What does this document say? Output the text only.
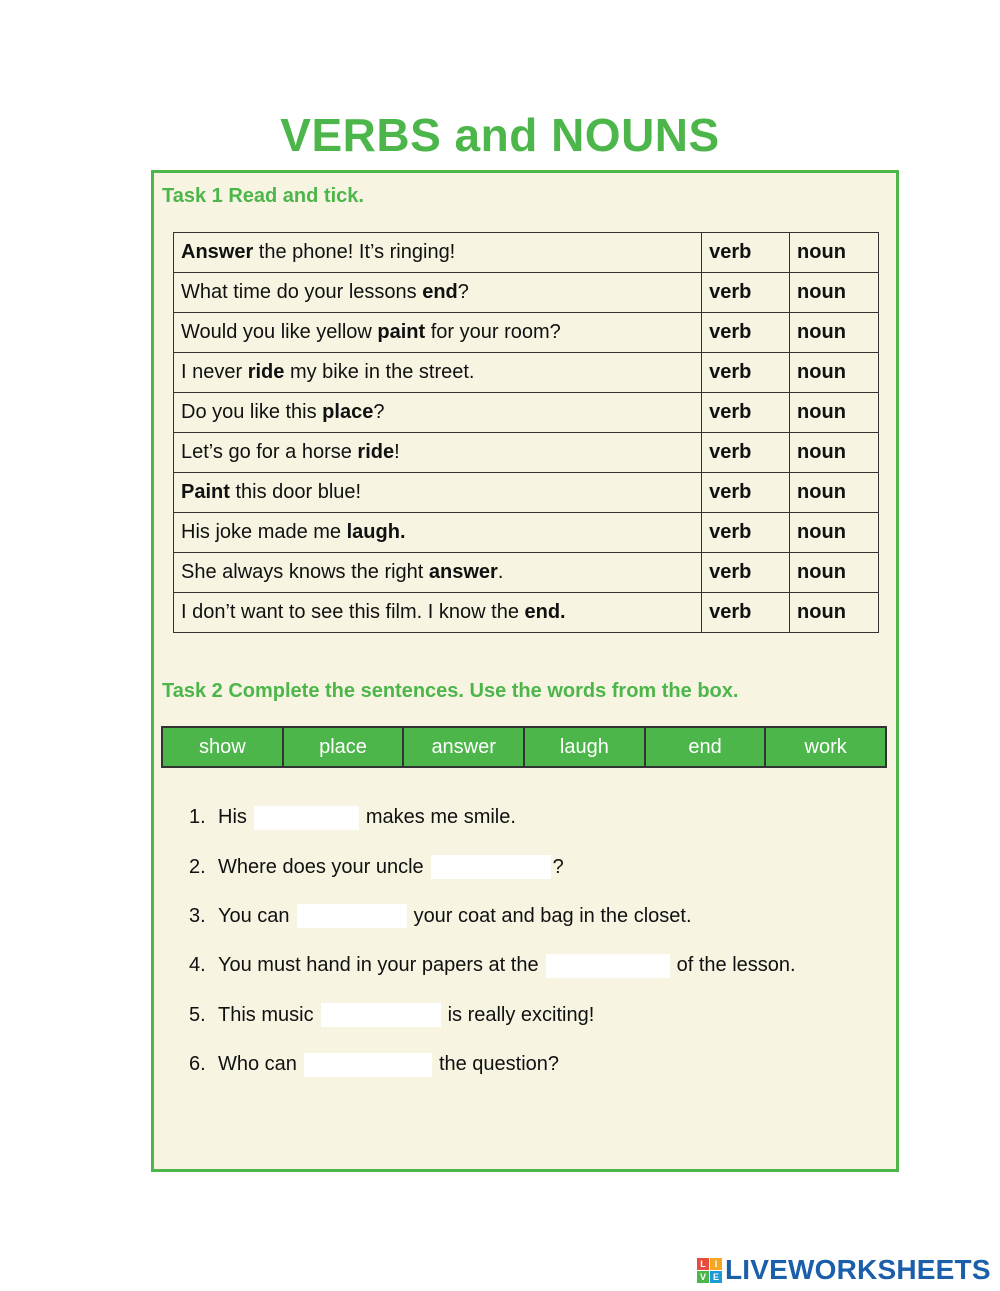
VERBS and NOUNS
Task 1 Read and tick.
Answer the phone! It’s ringing!	verb	noun
What time do your lessons end?	verb	noun
Would you like yellow paint for your room?	verb	noun
I never ride my bike in the street.	verb	noun
Do you like this place?	verb	noun
Let’s go for a horse ride!	verb	noun
Paint this door blue!	verb	noun
His joke made me laugh.	verb	noun
She always knows the right answer.	verb	noun
I don’t want to see this film. I know the end.	verb	noun
Task 2 Complete the sentences. Use the words from the box.
show	place	answer	laugh	end	work
1. His	makes me smile.
2. Where does your uncle	?
3. You can	your coat and bag in the closet.
4. You must hand in your papers at the	of the lesson.
5. This music	is really exciting!
6. Who can	the question?
L I
V E LIVEWORKSHEETS
